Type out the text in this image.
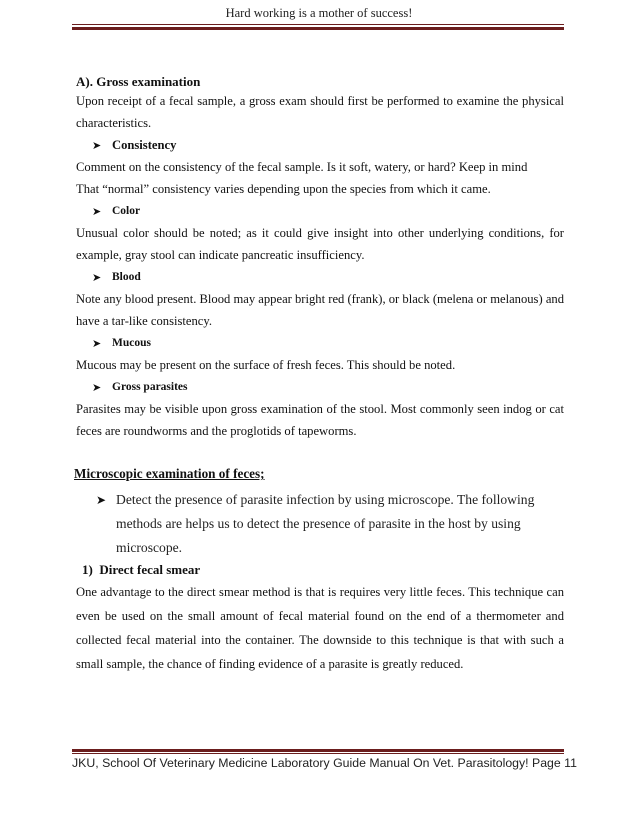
Hard working is a mother of success!
A). Gross examination

Upon receipt of a fecal sample, a gross exam should first be performed to examine the physical characteristics.

➤ Consistency

Comment on the consistency of the fecal sample. Is it soft, watery, or hard? Keep in mind

That “normal” consistency varies depending upon the species from which it came.

➤ Color

Unusual color should be noted; as it could give insight into other underlying conditions, for example, gray stool can indicate pancreatic insufficiency.

➤ Blood

Note any blood present. Blood may appear bright red (frank), or black (melena or melanous) and have a tar-like consistency.

➤ Mucous

Mucous may be present on the surface of fresh feces. This should be noted.

➤ Gross parasites

Parasites may be visible upon gross examination of the stool. Most commonly seen indog or cat feces are roundworms and the proglotids of tapeworms.

Microscopic examination of feces;
➤ Detect the presence of parasite infection by using microscope. The following methods are helps us to detect the presence of parasite in the host by using microscope.
1)  Direct fecal smear

One advantage to the direct smear method is that is requires very little feces. This technique can even be used on the small amount of fecal material found on the end of a thermometer and collected fecal material into the container. The downside to this technique is that with such a small sample, the chance of finding evidence of a parasite is greatly reduced.

JKU, School Of Veterinary Medicine Laboratory Guide Manual On Vet. Parasitology! Page 11
